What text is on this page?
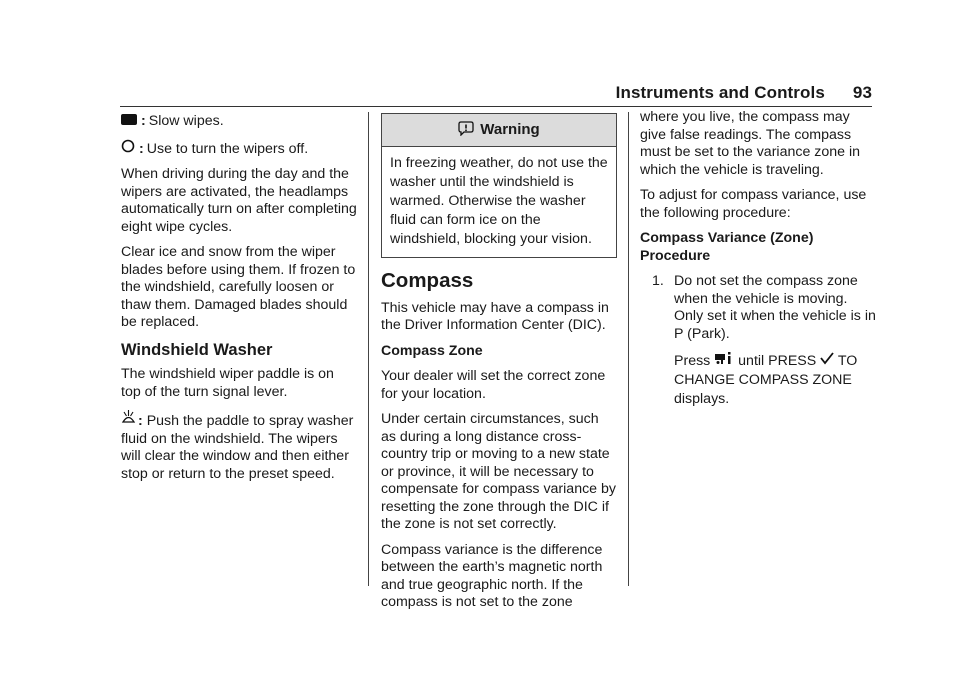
Instruments and Controls 93
: Slow wipes.
: Use to turn the wipers off.

When driving during the day and the wipers are activated, the headlamps automatically turn on after completing eight wipe cycles.

Clear ice and snow from the wiper blades before using them. If frozen to the windshield, carefully loosen or thaw them. Damaged blades should be replaced.

Windshield Washer

The windshield wiper paddle is on top of the turn signal lever.

: Push the paddle to spray washer fluid on the windshield. The wipers will clear the window and then either stop or return to the preset speed.

Warning
In freezing weather, do not use the washer until the windshield is warmed. Otherwise the washer fluid can form ice on the windshield, blocking your vision.
Compass

This vehicle may have a compass in the Driver Information Center (DIC).

Compass Zone

Your dealer will set the correct zone for your location.

Under certain circumstances, such as during a long distance cross-country trip or moving to a new state or province, it will be necessary to compensate for compass variance by resetting the zone through the DIC if the zone is not set correctly.

Compass variance is the difference between the earth’s magnetic north and true geographic north. If the compass is not set to the zone

where you live, the compass may give false readings. The compass must be set to the variance zone in which the vehicle is traveling.

To adjust for compass variance, use the following procedure:

Compass Variance (Zone) Procedure
1. Do not set the compass zone when the vehicle is moving. Only set it when the vehicle is in P (Park).

Press until PRESS TO
CHANGE COMPASS ZONE displays.
